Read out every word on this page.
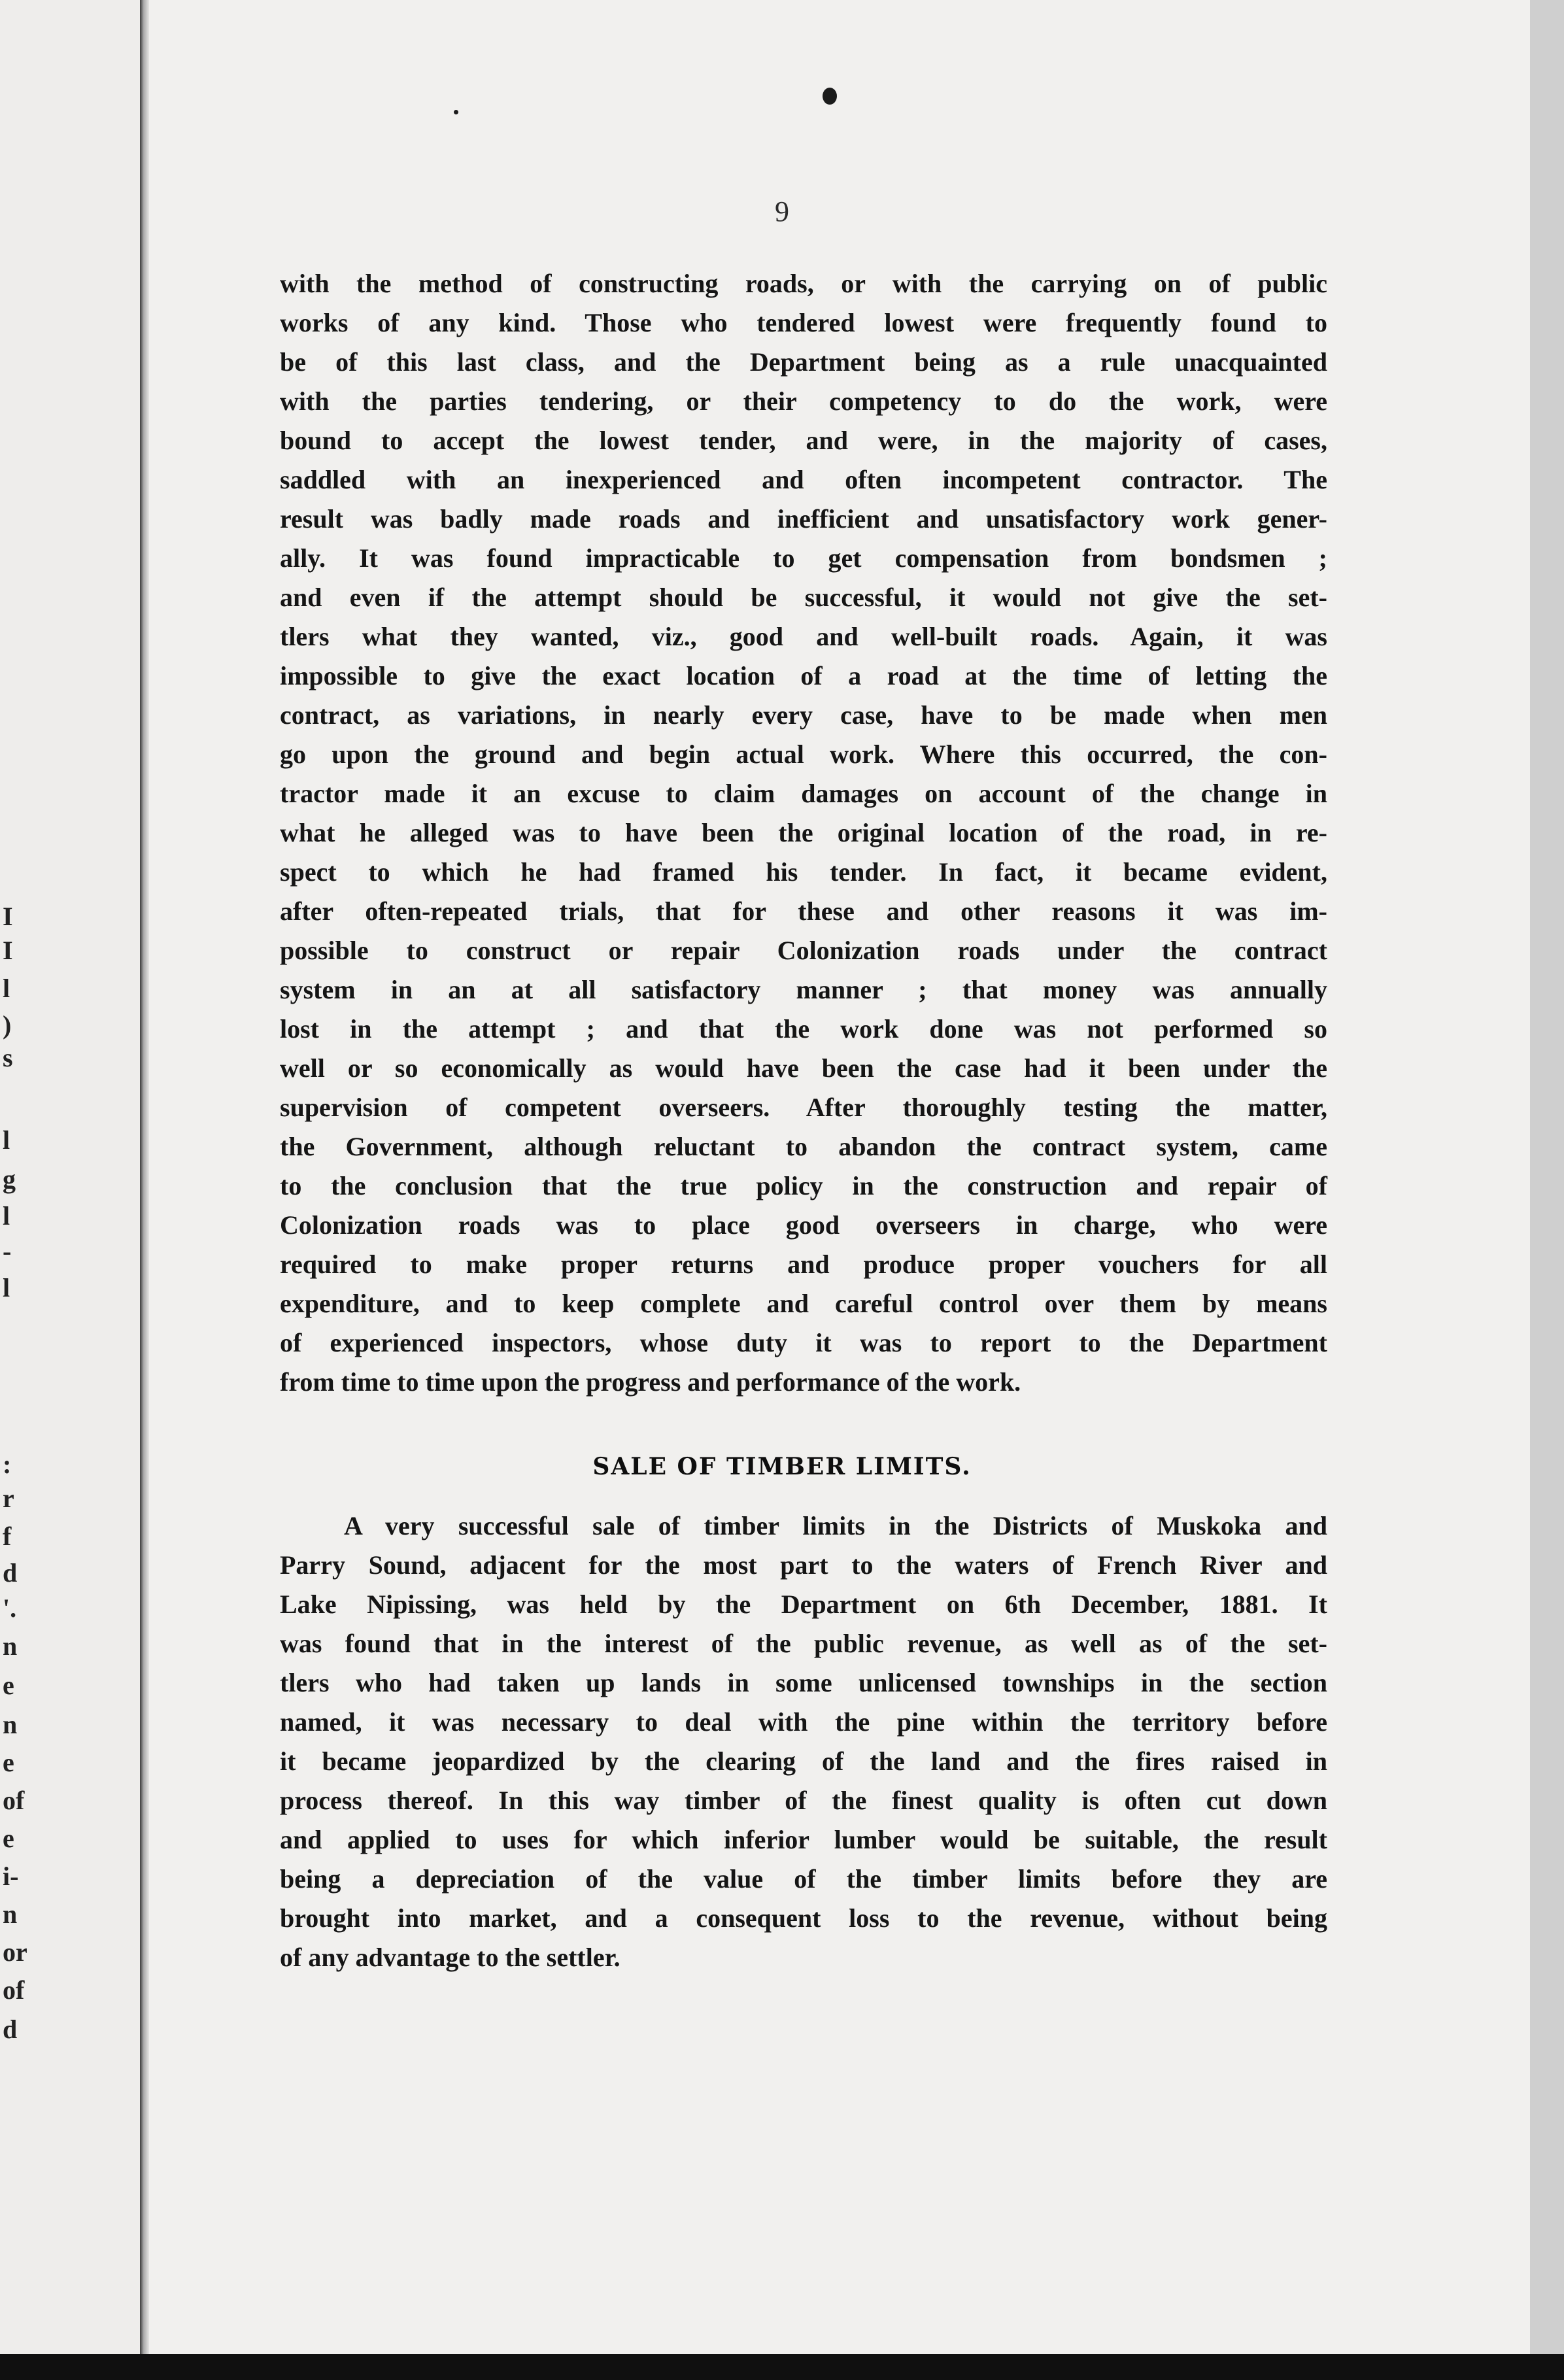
I
I
l
)
s
l
g
l
-
l
:
r
f
d
'.
n
e
n
e
of
e
i-
n
or
of
d
9
with the method of constructing roads, or with the carrying on of public
works of any kind. Those who tendered lowest were frequently found to
be of this last class, and the Department being as a rule unacquainted
with the parties tendering, or their competency to do the work, were
bound to accept the lowest tender, and were, in the majority of cases,
saddled with an inexperienced and often incompetent contractor. The
result was badly made roads and inefficient and unsatisfactory work gener-
ally. It was found impracticable to get compensation from bondsmen ;
and even if the attempt should be successful, it would not give the set-
tlers what they wanted, viz., good and well-built roads. Again, it was
impossible to give the exact location of a road at the time of letting the
contract, as variations, in nearly every case, have to be made when men
go upon the ground and begin actual work. Where this occurred, the con-
tractor made it an excuse to claim damages on account of the change in
what he alleged was to have been the original location of the road, in re-
spect to which he had framed his tender. In fact, it became evident,
after often-repeated trials, that for these and other reasons it was im-
possible to construct or repair Colonization roads under the contract
system in an at all satisfactory manner ; that money was annually
lost in the attempt ; and that the work done was not performed so
well or so economically as would have been the case had it been under the
supervision of competent overseers. After thoroughly testing the matter,
the Government, although reluctant to abandon the contract system, came
to the conclusion that the true policy in the construction and repair of
Colonization roads was to place good overseers in charge, who were
required to make proper returns and produce proper vouchers for all
expenditure, and to keep complete and careful control over them by means
of experienced inspectors, whose duty it was to report to the Department
from time to time upon the progress and performance of the work.
SALE OF TIMBER LIMITS.
A very successful sale of timber limits in the Districts of Muskoka and
Parry Sound, adjacent for the most part to the waters of French River and
Lake Nipissing, was held by the Department on 6th December, 1881. It
was found that in the interest of the public revenue, as well as of the set-
tlers who had taken up lands in some unlicensed townships in the section
named, it was necessary to deal with the pine within the territory before
it became jeopardized by the clearing of the land and the fires raised in
process thereof. In this way timber of the finest quality is often cut down
and applied to uses for which inferior lumber would be suitable, the result
being a depreciation of the value of the timber limits before they are
brought into market, and a consequent loss to the revenue, without being
of any advantage to the settler.
